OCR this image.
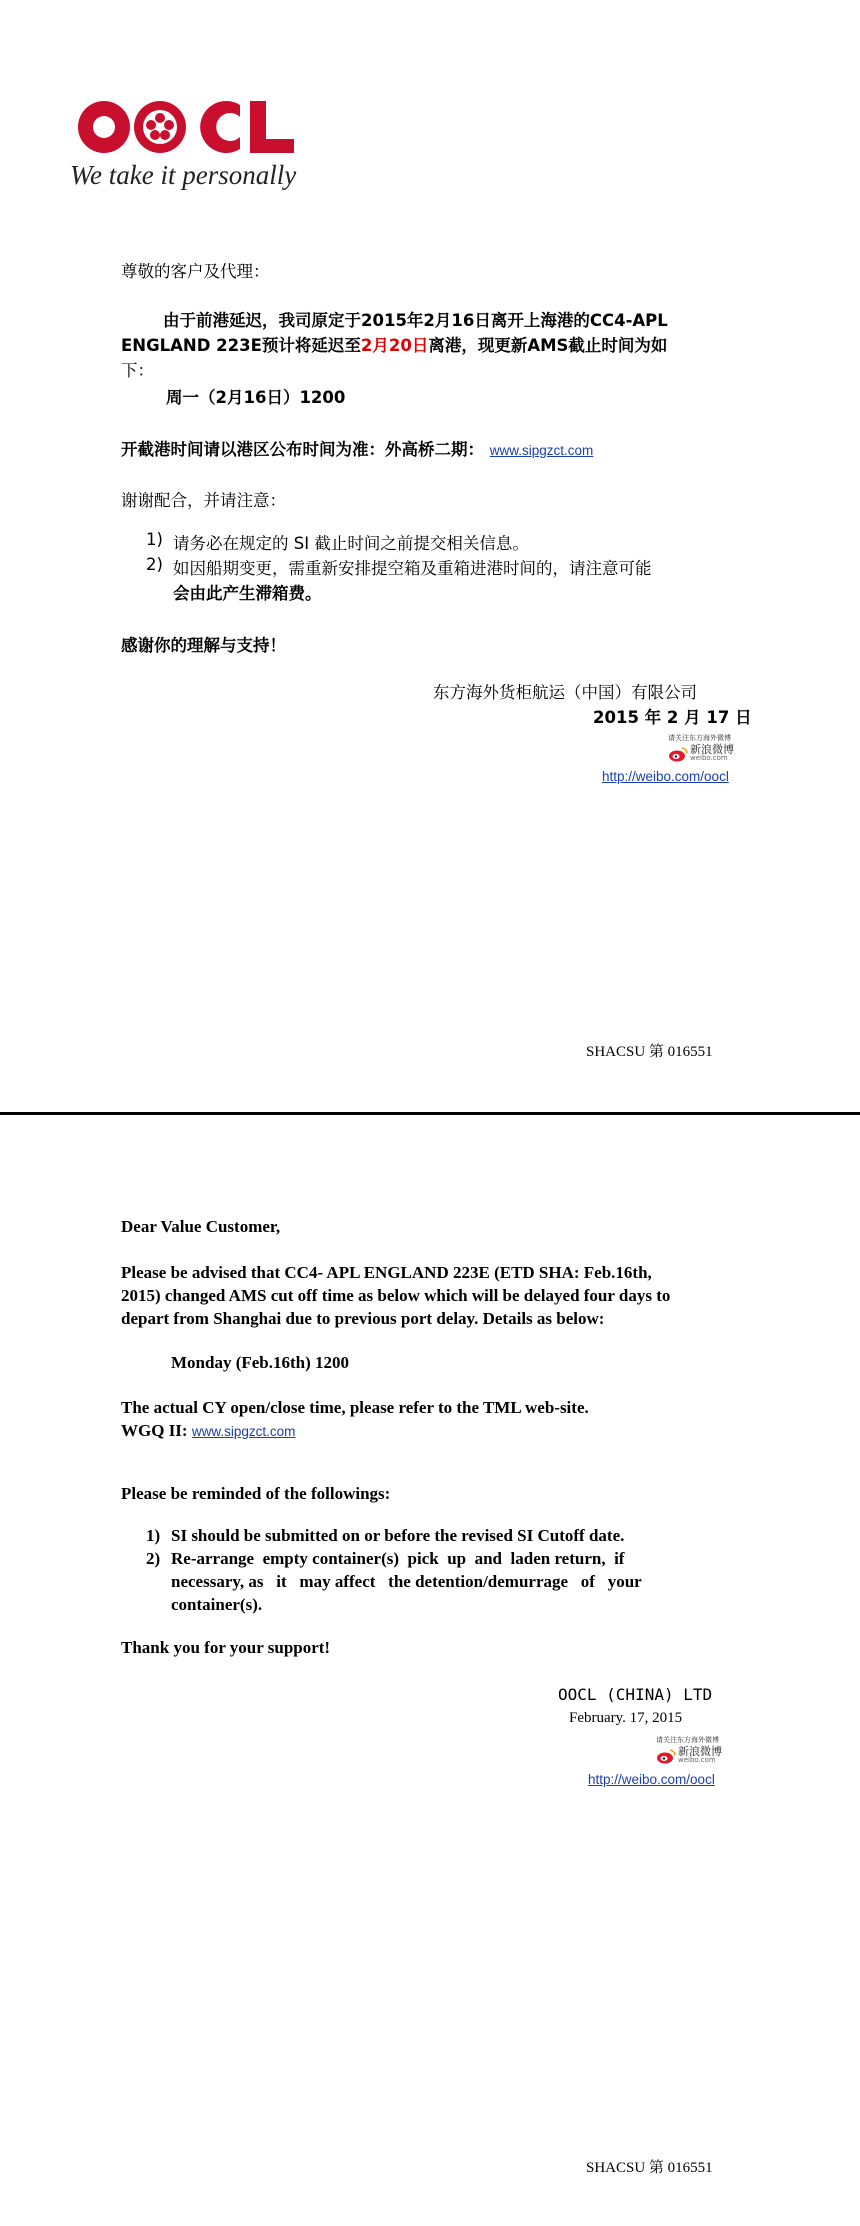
We take it personally
尊敬的客户及代理：
由于前港延迟，我司原定于2015年2月16日离开上海港的CC4-APL
ENGLAND 223E预计将延迟至2月20日离港，现更新AMS截止时间为如
下：
周一（2月16日）1200
开截港时间请以港区公布时间为准：外高桥二期： www.sipgzct.com
谢谢配合，并请注意：
1) 请务必在规定的 SI 截止时间之前提交相关信息。
2) 如因船期变更，需重新安排提空箱及重箱进港时间的，请注意可能
会由此产生滞箱费。
感谢你的理解与支持！
东方海外货柜航运（中国）有限公司
2015 年 2 月 17 日
请关注东方海外微博
新浪微博
weibo.com
http://weibo.com/oocl
SHACSU 第 016551
Dear Value Customer,
Please be advised that CC4- APL ENGLAND 223E (ETD SHA: Feb.16th,
2015) changed AMS cut off time as below which will be delayed four days to
depart from Shanghai due to previous port delay. Details as below:
Monday (Feb.16th) 1200
The actual CY open/close time, please refer to the TML web-site.
WGQ II: www.sipgzct.com
Please be reminded of the followings:
1) SI should be submitted on or before the revised SI Cutoff date.
2) Re-arrange  empty container(s)  pick  up  and  laden return,  if
necessary, as   it   may affect   the detention/demurrage   of   your
container(s).
Thank you for your support!
OOCL (CHINA) LTD
February. 17, 2015
请关注东方海外微博
新浪微博
weibo.com
http://weibo.com/oocl
SHACSU 第 016551
